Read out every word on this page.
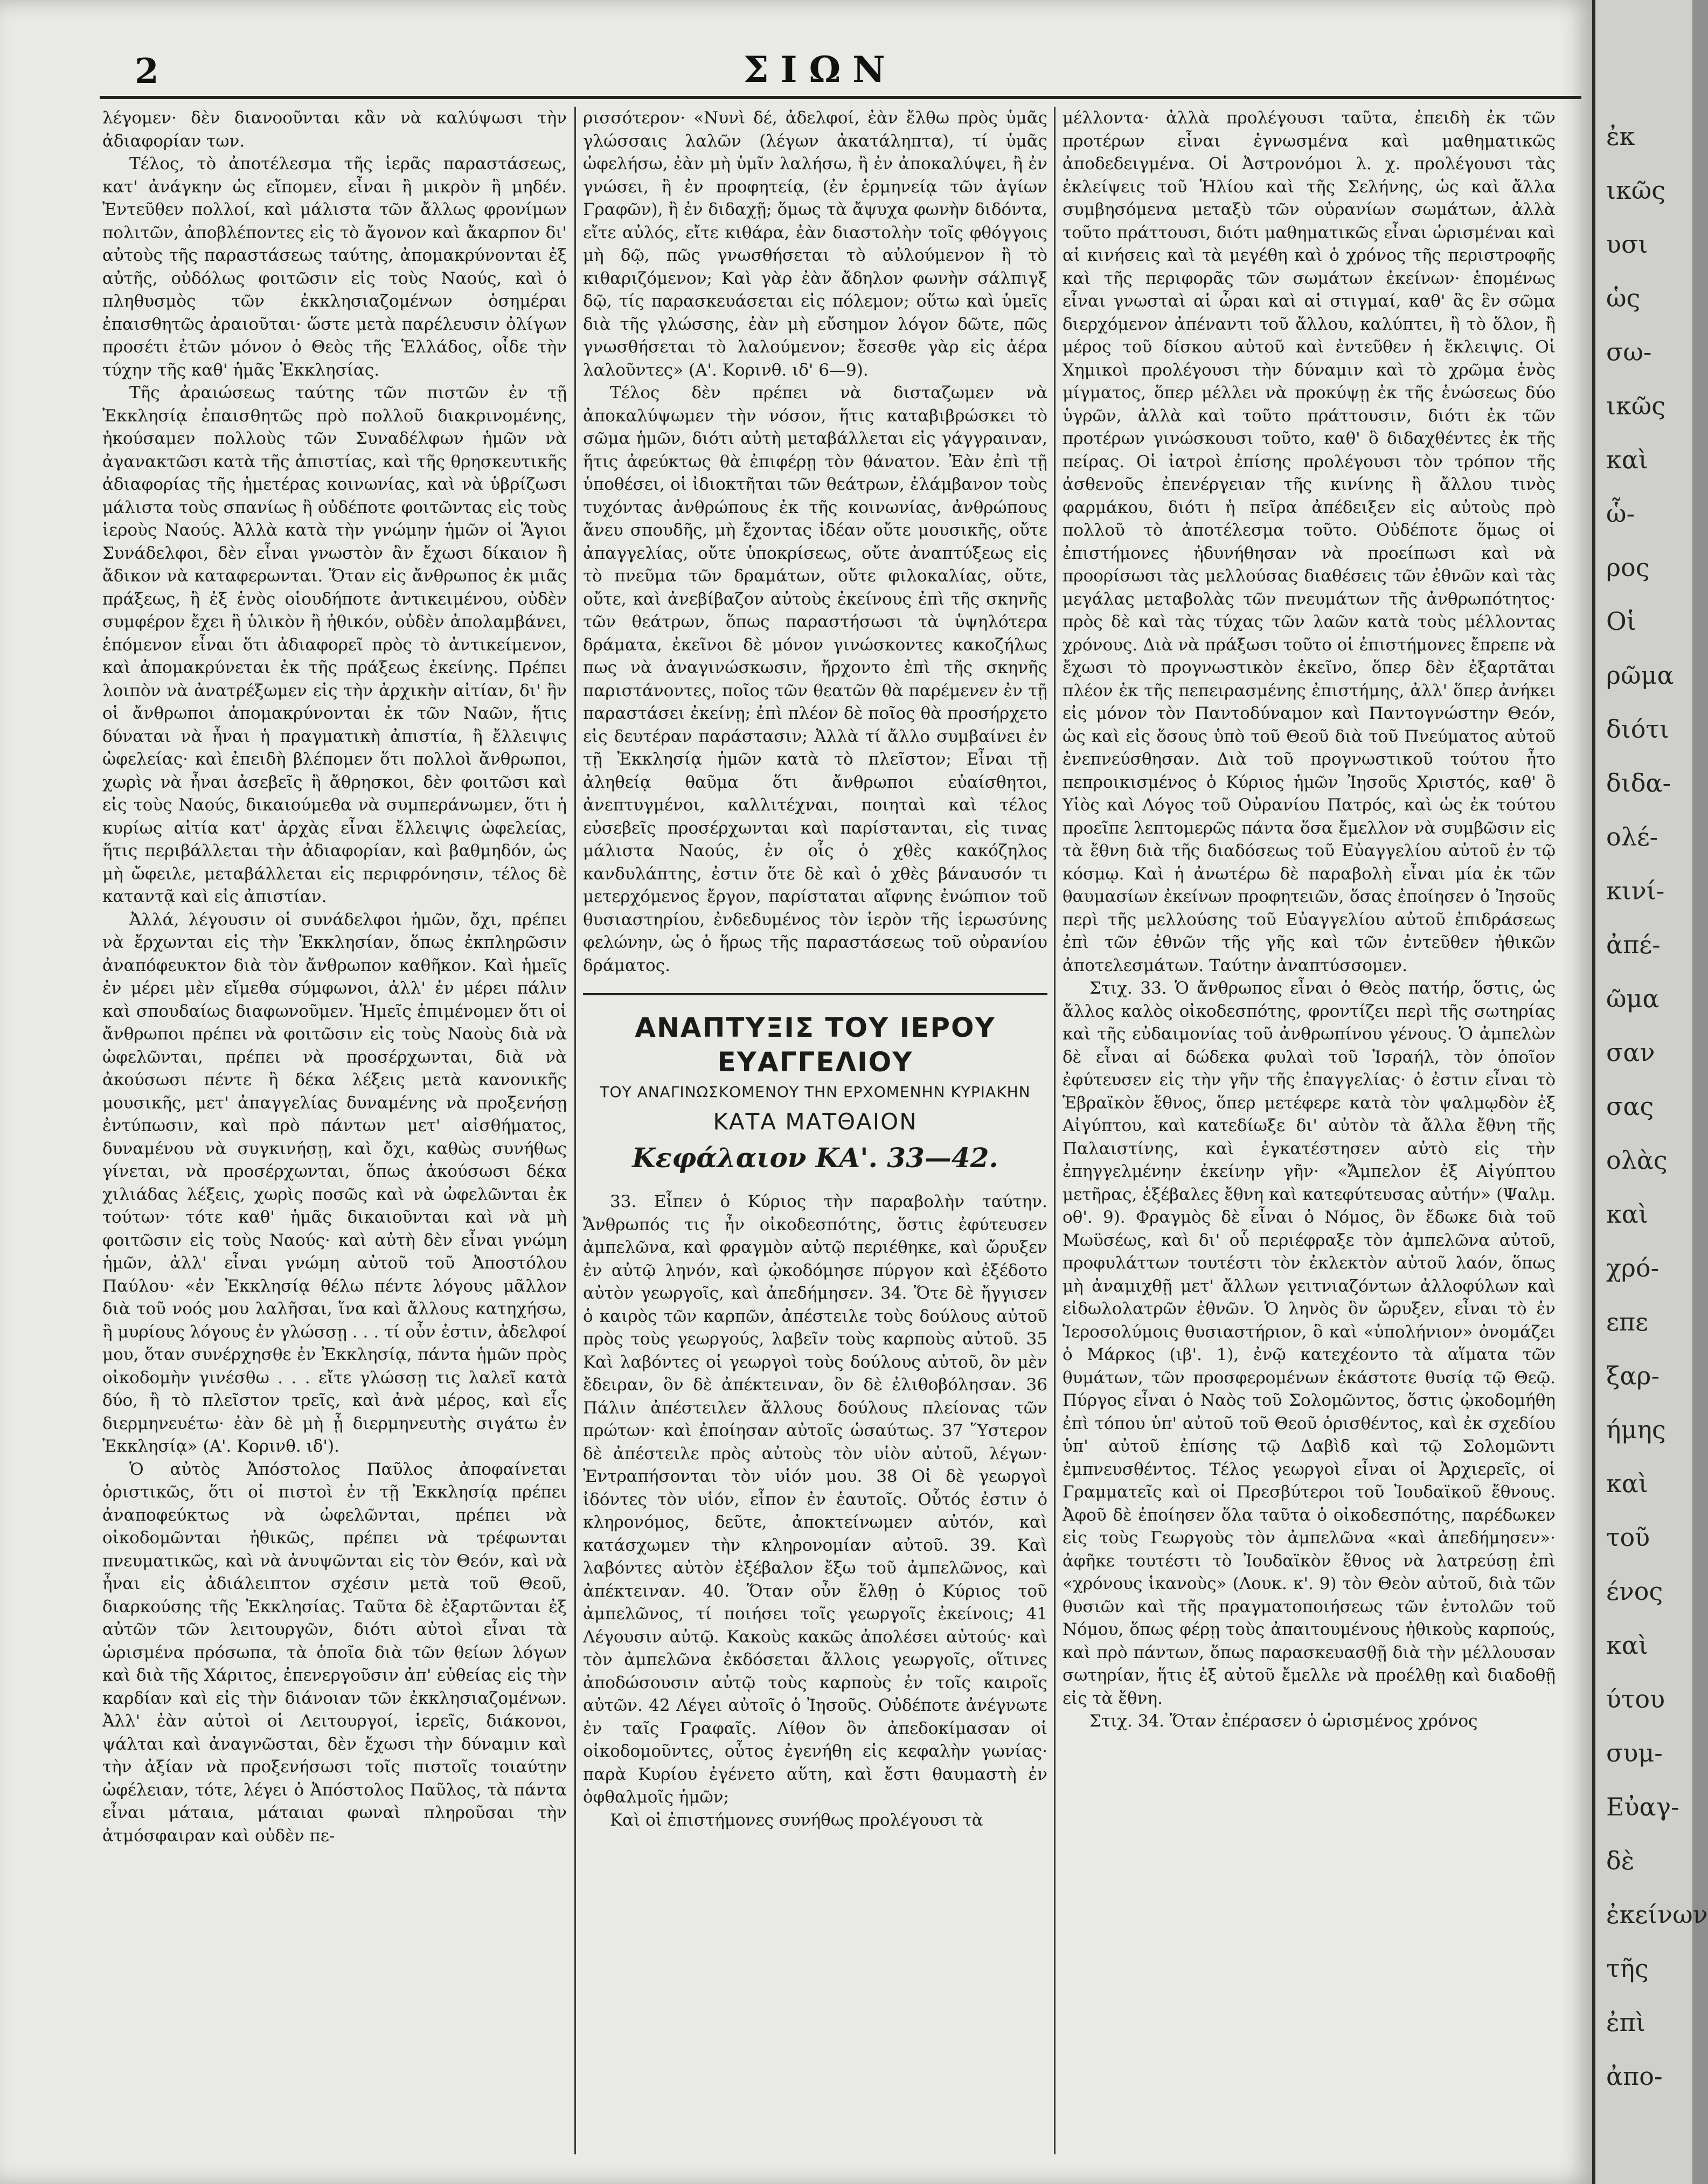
2	ΣΙΩΝ

λέγομεν· δὲν διανοοῦνται κἂν νὰ καλύψωσι τὴν ἀδιαφορίαν των.

Τέλος, τὸ ἀποτέλεσμα τῆς ἱερᾶς παραστάσεως, κατ' ἀνάγκην ὡς εἴπομεν, εἶναι ἢ μικρὸν ἢ μηδέν. Ἐντεῦθεν πολλοί, καὶ μάλιστα τῶν ἄλλως φρονίμων πολιτῶν, ἀποβλέποντες εἰς τὸ ἄγονον καὶ ἄκαρπον δι' αὐτοὺς τῆς παραστάσεως ταύτης, ἀπομακρύνονται ἐξ αὐτῆς, οὐδόλως φοιτῶσιν εἰς τοὺς Ναούς, καὶ ὁ πληθυσμὸς τῶν ἐκκλησιαζομένων ὁσημέραι ἐπαισθητῶς ἀραιοῦται· ὥστε μετὰ παρέλευσιν ὀλίγων προσέτι ἐτῶν μόνον ὁ Θεὸς τῆς Ἑλλάδος, οἶδε τὴν τύχην τῆς καθ' ἡμᾶς Ἐκκλησίας.

Τῆς ἀραιώσεως ταύτης τῶν πιστῶν ἐν τῇ Ἐκκλησίᾳ ἐπαισθητῶς πρὸ πολλοῦ διακρινομένης, ἠκούσαμεν πολλοὺς τῶν Συναδέλφων ἡμῶν νὰ ἀγανακτῶσι κατὰ τῆς ἀπιστίας, καὶ τῆς θρησκευτικῆς ἀδιαφορίας τῆς ἡμετέρας κοινωνίας, καὶ νὰ ὑβρίζωσι μάλιστα τοὺς σπανίως ἢ οὐδέποτε φοιτῶντας εἰς τοὺς ἱεροὺς Ναούς. Ἀλλὰ κατὰ τὴν γνώμην ἡμῶν οἱ Ἅγιοι Συνάδελφοι, δὲν εἶναι γνωστὸν ἂν ἔχωσι δίκαιον ἢ ἄδικον νὰ καταφερωνται. Ὅταν εἰς ἄνθρωπος ἐκ μιᾶς πράξεως, ἢ ἐξ ἑνὸς οἱουδήποτε ἀντικειμένου, οὐδὲν συμφέρον ἔχει ἢ ὑλικὸν ἢ ἠθικόν, οὐδὲν ἀπολαμβάνει, ἑπόμενον εἶναι ὅτι ἀδιαφορεῖ πρὸς τὸ ἀντικείμενον, καὶ ἀπομακρύνεται ἐκ τῆς πράξεως ἐκείνης. Πρέπει λοιπὸν νὰ ἀνατρέξωμεν εἰς τὴν ἀρχικὴν αἰτίαν, δι' ἣν οἱ ἄνθρωποι ἀπομακρύνονται ἐκ τῶν Ναῶν, ἥτις δύναται νὰ ἦναι ἡ πραγματικὴ ἀπιστία, ἢ ἔλλειψις ὠφελείας· καὶ ἐπειδὴ βλέπομεν ὅτι πολλοὶ ἄνθρωποι, χωρὶς νὰ ἦναι ἀσεβεῖς ἢ ἄθρησκοι, δὲν φοιτῶσι καὶ εἰς τοὺς Ναούς, δικαιούμεθα νὰ συμπεράνωμεν, ὅτι ἡ κυρίως αἰτία κατ' ἀρχὰς εἶναι ἔλλειψις ὠφελείας, ἥτις περιβάλλεται τὴν ἀδιαφορίαν, καὶ βαθμηδόν, ὡς μὴ ὤφειλε, μεταβάλλεται εἰς περιφρόνησιν, τέλος δὲ καταντᾷ καὶ εἰς ἀπιστίαν.

Ἀλλά, λέγουσιν οἱ συνάδελφοι ἡμῶν, ὄχι, πρέπει νὰ ἔρχωνται εἰς τὴν Ἐκκλησίαν, ὅπως ἐκπληρῶσιν ἀναπόφευκτον διὰ τὸν ἄνθρωπον καθῆκον. Καὶ ἡμεῖς ἐν μέρει μὲν εἴμεθα σύμφωνοι, ἀλλ' ἐν μέρει πάλιν καὶ σπουδαίως διαφωνοῦμεν. Ἡμεῖς ἐπιμένομεν ὅτι οἱ ἄνθρωποι πρέπει νὰ φοιτῶσιν εἰς τοὺς Ναοὺς διὰ νὰ ὠφελῶνται, πρέπει νὰ προσέρχωνται, διὰ νὰ ἀκούσωσι πέντε ἢ δέκα λέξεις μετὰ κανονικῆς μουσικῆς, μετ' ἀπαγγελίας δυναμένης νὰ προξενήσῃ ἐντύπωσιν, καὶ πρὸ πάντων μετ' αἰσθήματος, δυναμένου νὰ συγκινήσῃ, καὶ ὄχι, καθὼς συνήθως γίνεται, νὰ προσέρχωνται, ὅπως ἀκούσωσι δέκα χιλιάδας λέξεις, χωρὶς ποσῶς καὶ νὰ ὠφελῶνται ἐκ τούτων· τότε καθ' ἡμᾶς δικαιοῦνται καὶ νὰ μὴ φοιτῶσιν εἰς τοὺς Ναούς· καὶ αὐτὴ δὲν εἶναι γνώμη ἡμῶν, ἀλλ' εἶναι γνώμη αὐτοῦ τοῦ Ἀποστόλου Παύλου· «ἐν Ἐκκλησίᾳ θέλω πέντε λόγους μᾶλλον διὰ τοῦ νοός μου λαλῆσαι, ἵνα καὶ ἄλλους κατηχήσω, ἢ μυρίους λόγους ἐν γλώσσῃ . . . τί οὖν ἐστιν, ἀδελφοί μου, ὅταν συνέρχησθε ἐν Ἐκκλησίᾳ, πάντα ἡμῶν πρὸς οἰκοδομὴν γινέσθω . . . εἴτε γλώσσῃ τις λαλεῖ κατὰ δύο, ἢ τὸ πλεῖστον τρεῖς, καὶ ἀνὰ μέρος, καὶ εἷς διερμηνευέτω· ἐὰν δὲ μὴ ᾖ διερμηνευτὴς σιγάτω ἐν Ἐκκλησίᾳ» (Α'. Κορινθ. ιδ').

Ὁ αὐτὸς Ἀπόστολος Παῦλος ἀποφαίνεται ὁριστικῶς, ὅτι οἱ πιστοὶ ἐν τῇ Ἐκκλησίᾳ πρέπει ἀναποφεύκτως νὰ ὠφελῶνται, πρέπει νὰ οἰκοδομῶνται ἠθικῶς, πρέπει νὰ τρέφωνται πνευματικῶς, καὶ νὰ ἀνυψῶνται εἰς τὸν Θεόν, καὶ νὰ ἦναι εἰς ἀδιάλειπτον σχέσιν μετὰ τοῦ Θεοῦ, διαρκούσης τῆς Ἐκκλησίας. Ταῦτα δὲ ἐξαρτῶνται ἐξ αὐτῶν τῶν λειτουργῶν, διότι αὐτοὶ εἶναι τὰ ὡρισμένα πρόσωπα, τὰ ὁποῖα διὰ τῶν θείων λόγων καὶ διὰ τῆς Χάριτος, ἐπενεργοῦσιν ἀπ' εὐθείας εἰς τὴν καρδίαν καὶ εἰς τὴν διάνοιαν τῶν ἐκκλησιαζομένων. Ἀλλ' ἐὰν αὐτοὶ οἱ Λειτουργοί, ἱερεῖς, διάκονοι, ψάλται καὶ ἀναγνῶσται, δὲν ἔχωσι τὴν δύναμιν καὶ τὴν ἀξίαν νὰ προξενήσωσι τοῖς πιστοῖς τοιαύτην ὠφέλειαν, τότε, λέγει ὁ Ἀπόστολος Παῦλος, τὰ πάντα εἶναι μάταια, μάταιαι φωναὶ πληροῦσαι τὴν ἀτμόσφαιραν καὶ οὐδὲν πε-

ρισσότερον· «Νυνὶ δέ, ἀδελφοί, ἐὰν ἔλθω πρὸς ὑμᾶς γλώσσαις λαλῶν (λέγων ἀκατάληπτα), τί ὑμᾶς ὠφελήσω, ἐὰν μὴ ὑμῖν λαλήσω, ἢ ἐν ἀποκαλύψει, ἢ ἐν γνώσει, ἢ ἐν προφητείᾳ, (ἐν ἑρμηνείᾳ τῶν ἁγίων Γραφῶν), ἢ ἐν διδαχῇ; ὅμως τὰ ἄψυχα φωνὴν διδόντα, εἴτε αὐλός, εἴτε κιθάρα, ἐὰν διαστολὴν τοῖς φθόγγοις μὴ δῷ, πῶς γνωσθήσεται τὸ αὐλούμενον ἢ τὸ κιθαριζόμενον; Καὶ γὰρ ἐὰν ἄδηλον φωνὴν σάλπιγξ δῷ, τίς παρασκευάσεται εἰς πόλεμον; οὕτω καὶ ὑμεῖς διὰ τῆς γλώσσης, ἐὰν μὴ εὔσημον λόγον δῶτε, πῶς γνωσθήσεται τὸ λαλούμενον; ἔσεσθε γὰρ εἰς ἀέρα λαλοῦντες» (Α'. Κορινθ. ιδ' 6—9).

Τέλος δὲν πρέπει νὰ δισταζωμεν νὰ ἀποκαλύψωμεν τὴν νόσον, ἥτις καταβιβρώσκει τὸ σῶμα ἡμῶν, διότι αὐτὴ μεταβάλλεται εἰς γάγγραιναν, ἥτις ἀφεύκτως θὰ ἐπιφέρῃ τὸν θάνατον. Ἐὰν ἐπὶ τῇ ὑποθέσει, οἱ ἰδιοκτῆται τῶν θεάτρων, ἐλάμβανον τοὺς τυχόντας ἀνθρώπους ἐκ τῆς κοινωνίας, ἀνθρώπους ἄνευ σπουδῆς, μὴ ἔχοντας ἰδέαν οὔτε μουσικῆς, οὔτε ἀπαγγελίας, οὔτε ὑποκρίσεως, οὔτε ἀναπτύξεως εἰς τὸ πνεῦμα τῶν δραμάτων, οὔτε φιλοκαλίας, οὔτε, οὔτε, καὶ ἀνεβίβαζον αὐτοὺς ἐκείνους ἐπὶ τῆς σκηνῆς τῶν θεάτρων, ὅπως παραστήσωσι τὰ ὑψηλότερα δράματα, ἐκεῖνοι δὲ μόνον γινώσκοντες κακοζήλως πως νὰ ἀναγινώσκωσιν, ἤρχοντο ἐπὶ τῆς σκηνῆς παριστάνοντες, ποῖος τῶν θεατῶν θὰ παρέμενεν ἐν τῇ παραστάσει ἐκείνῃ; ἐπὶ πλέον δὲ ποῖος θὰ προσήρχετο εἰς δευτέραν παράστασιν; Ἀλλὰ τί ἄλλο συμβαίνει ἐν τῇ Ἐκκλησίᾳ ἡμῶν κατὰ τὸ πλεῖστον; Εἶναι τῇ ἀληθείᾳ θαῦμα ὅτι ἄνθρωποι εὐαίσθητοι, ἀνεπτυγμένοι, καλλιτέχναι, ποιηταὶ καὶ τέλος εὐσεβεῖς προσέρχωνται καὶ παρίστανται, εἰς τινας μάλιστα Ναούς, ἐν οἷς ὁ χθὲς κακόζηλος κανδυλάπτης, ἐστιν ὅτε δὲ καὶ ὁ χθὲς βάναυσόν τι μετερχόμενος ἔργον, παρίσταται αἴφνης ἐνώπιον τοῦ θυσιαστηρίου, ἐνδεδυμένος τὸν ἱερὸν τῆς ἱερωσύνης φελώνην, ὡς ὁ ἥρως τῆς παραστάσεως τοῦ οὐρανίου δράματος.

ΑΝΑΠΤΥΞΙΣ ΤΟΥ ΙΕΡΟΥ ΕΥΑΓΓΕΛΙΟΥ
ΤΟΥ ΑΝΑΓΙΝΩΣΚΟΜΕΝΟΥ ΤΗΝ ΕΡΧΟΜΕΝΗΝ ΚΥΡΙΑΚΗΝ
ΚΑΤΑ ΜΑΤΘΑΙΟΝ
Κεφάλαιον ΚΑ'. 33—42.

33. Εἶπεν ὁ Κύριος τὴν παραβολὴν ταύτην. Ἄνθρωπός τις ἦν οἰκοδεσπότης, ὅστις ἐφύτευσεν ἀμπελῶνα, καὶ φραγμὸν αὐτῷ περιέθηκε, καὶ ὤρυξεν ἐν αὐτῷ ληνόν, καὶ ᾠκοδόμησε πύργον καὶ ἐξέδοτο αὐτὸν γεωργοῖς, καὶ ἀπεδήμησεν. 34. Ὅτε δὲ ἤγγισεν ὁ καιρὸς τῶν καρπῶν, ἀπέστειλε τοὺς δούλους αὐτοῦ πρὸς τοὺς γεωργούς, λαβεῖν τοὺς καρποὺς αὐτοῦ. 35 Καὶ λαβόντες οἱ γεωργοὶ τοὺς δούλους αὐτοῦ, ὃν μὲν ἔδειραν, ὃν δὲ ἀπέκτειναν, ὃν δὲ ἐλιθοβόλησαν. 36 Πάλιν ἀπέστειλεν ἄλλους δούλους πλείονας τῶν πρώτων· καὶ ἐποίησαν αὐτοῖς ὡσαύτως. 37 Ὕστερον δὲ ἀπέστειλε πρὸς αὐτοὺς τὸν υἱὸν αὐτοῦ, λέγων· Ἐντραπήσονται τὸν υἱόν μου. 38 Οἱ δὲ γεωργοὶ ἰδόντες τὸν υἱόν, εἶπον ἐν ἑαυτοῖς. Οὗτός ἐστιν ὁ κληρονόμος, δεῦτε, ἀποκτείνωμεν αὐτόν, καὶ κατάσχωμεν τὴν κληρονομίαν αὐτοῦ. 39. Καὶ λαβόντες αὐτὸν ἐξέβαλον ἔξω τοῦ ἀμπελῶνος, καὶ ἀπέκτειναν. 40. Ὅταν οὖν ἔλθῃ ὁ Κύριος τοῦ ἀμπελῶνος, τί ποιήσει τοῖς γεωργοῖς ἐκείνοις; 41 Λέγουσιν αὐτῷ. Κακοὺς κακῶς ἀπολέσει αὐτούς· καὶ τὸν ἀμπελῶνα ἐκδόσεται ἄλλοις γεωργοῖς, οἵτινες ἀποδώσουσιν αὐτῷ τοὺς καρποὺς ἐν τοῖς καιροῖς αὐτῶν. 42 Λέγει αὐτοῖς ὁ Ἰησοῦς. Οὐδέποτε ἀνέγνωτε ἐν ταῖς Γραφαῖς. Λίθον ὃν ἀπεδοκίμασαν οἱ οἰκοδομοῦντες, οὗτος ἐγενήθη εἰς κεφαλὴν γωνίας· παρὰ Κυρίου ἐγένετο αὕτη, καὶ ἔστι θαυμαστὴ ἐν ὀφθαλμοῖς ἡμῶν;

Καὶ οἱ ἐπιστήμονες συνήθως προλέγουσι τὰ

μέλλοντα· ἀλλὰ προλέγουσι ταῦτα, ἐπειδὴ ἐκ τῶν προτέρων εἶναι ἐγνωσμένα καὶ μαθηματικῶς ἀποδεδειγμένα. Οἱ Ἀστρονόμοι λ. χ. προλέγουσι τὰς ἐκλείψεις τοῦ Ἡλίου καὶ τῆς Σελήνης, ὡς καὶ ἄλλα συμβησόμενα μεταξὺ τῶν οὐρανίων σωμάτων, ἀλλὰ τοῦτο πράττουσι, διότι μαθηματικῶς εἶναι ὡρισμέναι καὶ αἱ κινήσεις καὶ τὰ μεγέθη καὶ ὁ χρόνος τῆς περιστροφῆς καὶ τῆς περιφορᾶς τῶν σωμάτων ἐκείνων· ἑπομένως εἶναι γνωσταὶ αἱ ὧραι καὶ αἱ στιγμαί, καθ' ἃς ἓν σῶμα διερχόμενον ἀπέναντι τοῦ ἄλλου, καλύπτει, ἢ τὸ ὅλον, ἢ μέρος τοῦ δίσκου αὐτοῦ καὶ ἐντεῦθεν ἡ ἔκλειψις. Οἱ Χημικοὶ προλέγουσι τὴν δύναμιν καὶ τὸ χρῶμα ἑνὸς μίγματος, ὅπερ μέλλει νὰ προκύψῃ ἐκ τῆς ἑνώσεως δύο ὑγρῶν, ἀλλὰ καὶ τοῦτο πράττουσιν, διότι ἐκ τῶν προτέρων γινώσκουσι τοῦτο, καθ' ὃ διδαχθέντες ἐκ τῆς πείρας. Οἱ ἰατροὶ ἐπίσης προλέγουσι τὸν τρόπον τῆς ἀσθενοῦς ἐπενέργειαν τῆς κινίνης ἢ ἄλλου τινὸς φαρμάκου, διότι ἡ πεῖρα ἀπέδειξεν εἰς αὐτοὺς πρὸ πολλοῦ τὸ ἀποτέλεσμα τοῦτο. Οὐδέποτε ὅμως οἱ ἐπιστήμονες ἠδυνήθησαν νὰ προείπωσι καὶ νὰ προορίσωσι τὰς μελλούσας διαθέσεις τῶν ἐθνῶν καὶ τὰς μεγάλας μεταβολὰς τῶν πνευμάτων τῆς ἀνθρωπότητος· πρὸς δὲ καὶ τὰς τύχας τῶν λαῶν κατὰ τοὺς μέλλοντας χρόνους. Διὰ νὰ πράξωσι τοῦτο οἱ ἐπιστήμονες ἔπρεπε νὰ ἔχωσι τὸ προγνωστικὸν ἐκεῖνο, ὅπερ δὲν ἐξαρτᾶται πλέον ἐκ τῆς πεπειρασμένης ἐπιστήμης, ἀλλ' ὅπερ ἀνήκει εἰς μόνον τὸν Παντοδύναμον καὶ Παντογνώστην Θεόν, ὡς καὶ εἰς ὅσους ὑπὸ τοῦ Θεοῦ διὰ τοῦ Πνεύματος αὐτοῦ ἐνεπνεύσθησαν. Διὰ τοῦ προγνωστικοῦ τούτου ἦτο πεπροικισμένος ὁ Κύριος ἡμῶν Ἰησοῦς Χριστός, καθ' ὃ Υἱὸς καὶ Λόγος τοῦ Οὐρανίου Πατρός, καὶ ὡς ἐκ τούτου προεῖπε λεπτομερῶς πάντα ὅσα ἔμελλον νὰ συμβῶσιν εἰς τὰ ἔθνη διὰ τῆς διαδόσεως τοῦ Εὐαγγελίου αὐτοῦ ἐν τῷ κόσμῳ. Καὶ ἡ ἀνωτέρω δὲ παραβολὴ εἶναι μία ἐκ τῶν θαυμασίων ἐκείνων προφητειῶν, ὅσας ἐποίησεν ὁ Ἰησοῦς περὶ τῆς μελλούσης τοῦ Εὐαγγελίου αὐτοῦ ἐπιδράσεως ἐπὶ τῶν ἐθνῶν τῆς γῆς καὶ τῶν ἐντεῦθεν ἠθικῶν ἀποτελεσμάτων. Ταύτην ἀναπτύσσομεν.

Στιχ. 33. Ὁ ἄνθρωπος εἶναι ὁ Θεὸς πατήρ, ὅστις, ὡς ἄλλος καλὸς οἰκοδεσπότης, φροντίζει περὶ τῆς σωτηρίας καὶ τῆς εὐδαιμονίας τοῦ ἀνθρωπίνου γένους. Ὁ ἀμπελὼν δὲ εἶναι αἱ δώδεκα φυλαὶ τοῦ Ἰσραήλ, τὸν ὁποῖον ἐφύτευσεν εἰς τὴν γῆν τῆς ἐπαγγελίας· ὁ ἐστιν εἶναι τὸ Ἑβραϊκὸν ἔθνος, ὅπερ μετέφερε κατὰ τὸν ψαλμῳδὸν ἐξ Αἰγύπτου, καὶ κατεδίωξε δι' αὐτὸν τὰ ἄλλα ἔθνη τῆς Παλαιστίνης, καὶ ἐγκατέστησεν αὐτὸ εἰς τὴν ἐπηγγελμένην ἐκείνην γῆν· «Ἄμπελον ἐξ Αἰγύπτου μετῆρας, ἐξέβαλες ἔθνη καὶ κατεφύτευσας αὐτήν» (Ψαλμ. οθ'. 9). Φραγμὸς δὲ εἶναι ὁ Νόμος, ὃν ἔδωκε διὰ τοῦ Μωϋσέως, καὶ δι' οὗ περιέφραξε τὸν ἀμπελῶνα αὐτοῦ, προφυλάττων τουτέστι τὸν ἐκλεκτὸν αὐτοῦ λαόν, ὅπως μὴ ἀναμιχθῇ μετ' ἄλλων γειτνιαζόντων ἀλλοφύλων καὶ εἰδωλολατρῶν ἐθνῶν. Ὁ ληνὸς ὃν ὤρυξεν, εἶναι τὸ ἐν Ἱεροσολύμοις θυσιαστήριον, ὃ καὶ «ὑπολήνιον» ὀνομάζει ὁ Μάρκος (ιβ'. 1), ἐνῷ κατεχέοντο τὰ αἵματα τῶν θυμάτων, τῶν προσφερομένων ἑκάστοτε θυσίᾳ τῷ Θεῷ. Πύργος εἶναι ὁ Ναὸς τοῦ Σολομῶντος, ὅστις ᾠκοδομήθη ἐπὶ τόπου ὑπ' αὐτοῦ τοῦ Θεοῦ ὁρισθέντος, καὶ ἐκ σχεδίου ὑπ' αὐτοῦ ἐπίσης τῷ Δαβὶδ καὶ τῷ Σολομῶντι ἐμπνευσθέντος. Τέλος γεωργοὶ εἶναι οἱ Ἀρχιερεῖς, οἱ Γραμματεῖς καὶ οἱ Πρεσβύτεροι τοῦ Ἰουδαϊκοῦ ἔθνους. Ἀφοῦ δὲ ἐποίησεν ὅλα ταῦτα ὁ οἰκοδεσπότης, παρέδωκεν εἰς τοὺς Γεωργοὺς τὸν ἀμπελῶνα «καὶ ἀπεδήμησεν»· ἀφῆκε τουτέστι τὸ Ἰουδαϊκὸν ἔθνος νὰ λατρεύσῃ ἐπὶ «χρόνους ἱκανοὺς» (Λουκ. κ'. 9) τὸν Θεὸν αὐτοῦ, διὰ τῶν θυσιῶν καὶ τῆς πραγματοποιήσεως τῶν ἐντολῶν τοῦ Νόμου, ὅπως φέρῃ τοὺς ἀπαιτουμένους ἠθικοὺς καρπούς, καὶ πρὸ πάντων, ὅπως παρασκευασθῇ διὰ τὴν μέλλουσαν σωτηρίαν, ἥτις ἐξ αὐτοῦ ἔμελλε νὰ προέλθῃ καὶ διαδοθῇ εἰς τὰ ἔθνη.

Στιχ. 34. Ὅταν ἐπέρασεν ὁ ὡρισμένος χρόνος

ἐκ
ικῶς
υσι
ὡς
σω-
ικῶς
καὶ
ὧ-
ρος
Οἱ
ρῶμα
διότι
διδα-
ολέ-
κινί-
ἀπέ-
ῶμα
σαν
σας
ολὰς
καὶ
χρό-
επε
ξαρ-
ήμης
καὶ
τοῦ
ένος
καὶ
ύτου
συμ-
Εὐαγ-
δὲ
ἐκείνων
τῆς
ἐπὶ
ἀπο-
